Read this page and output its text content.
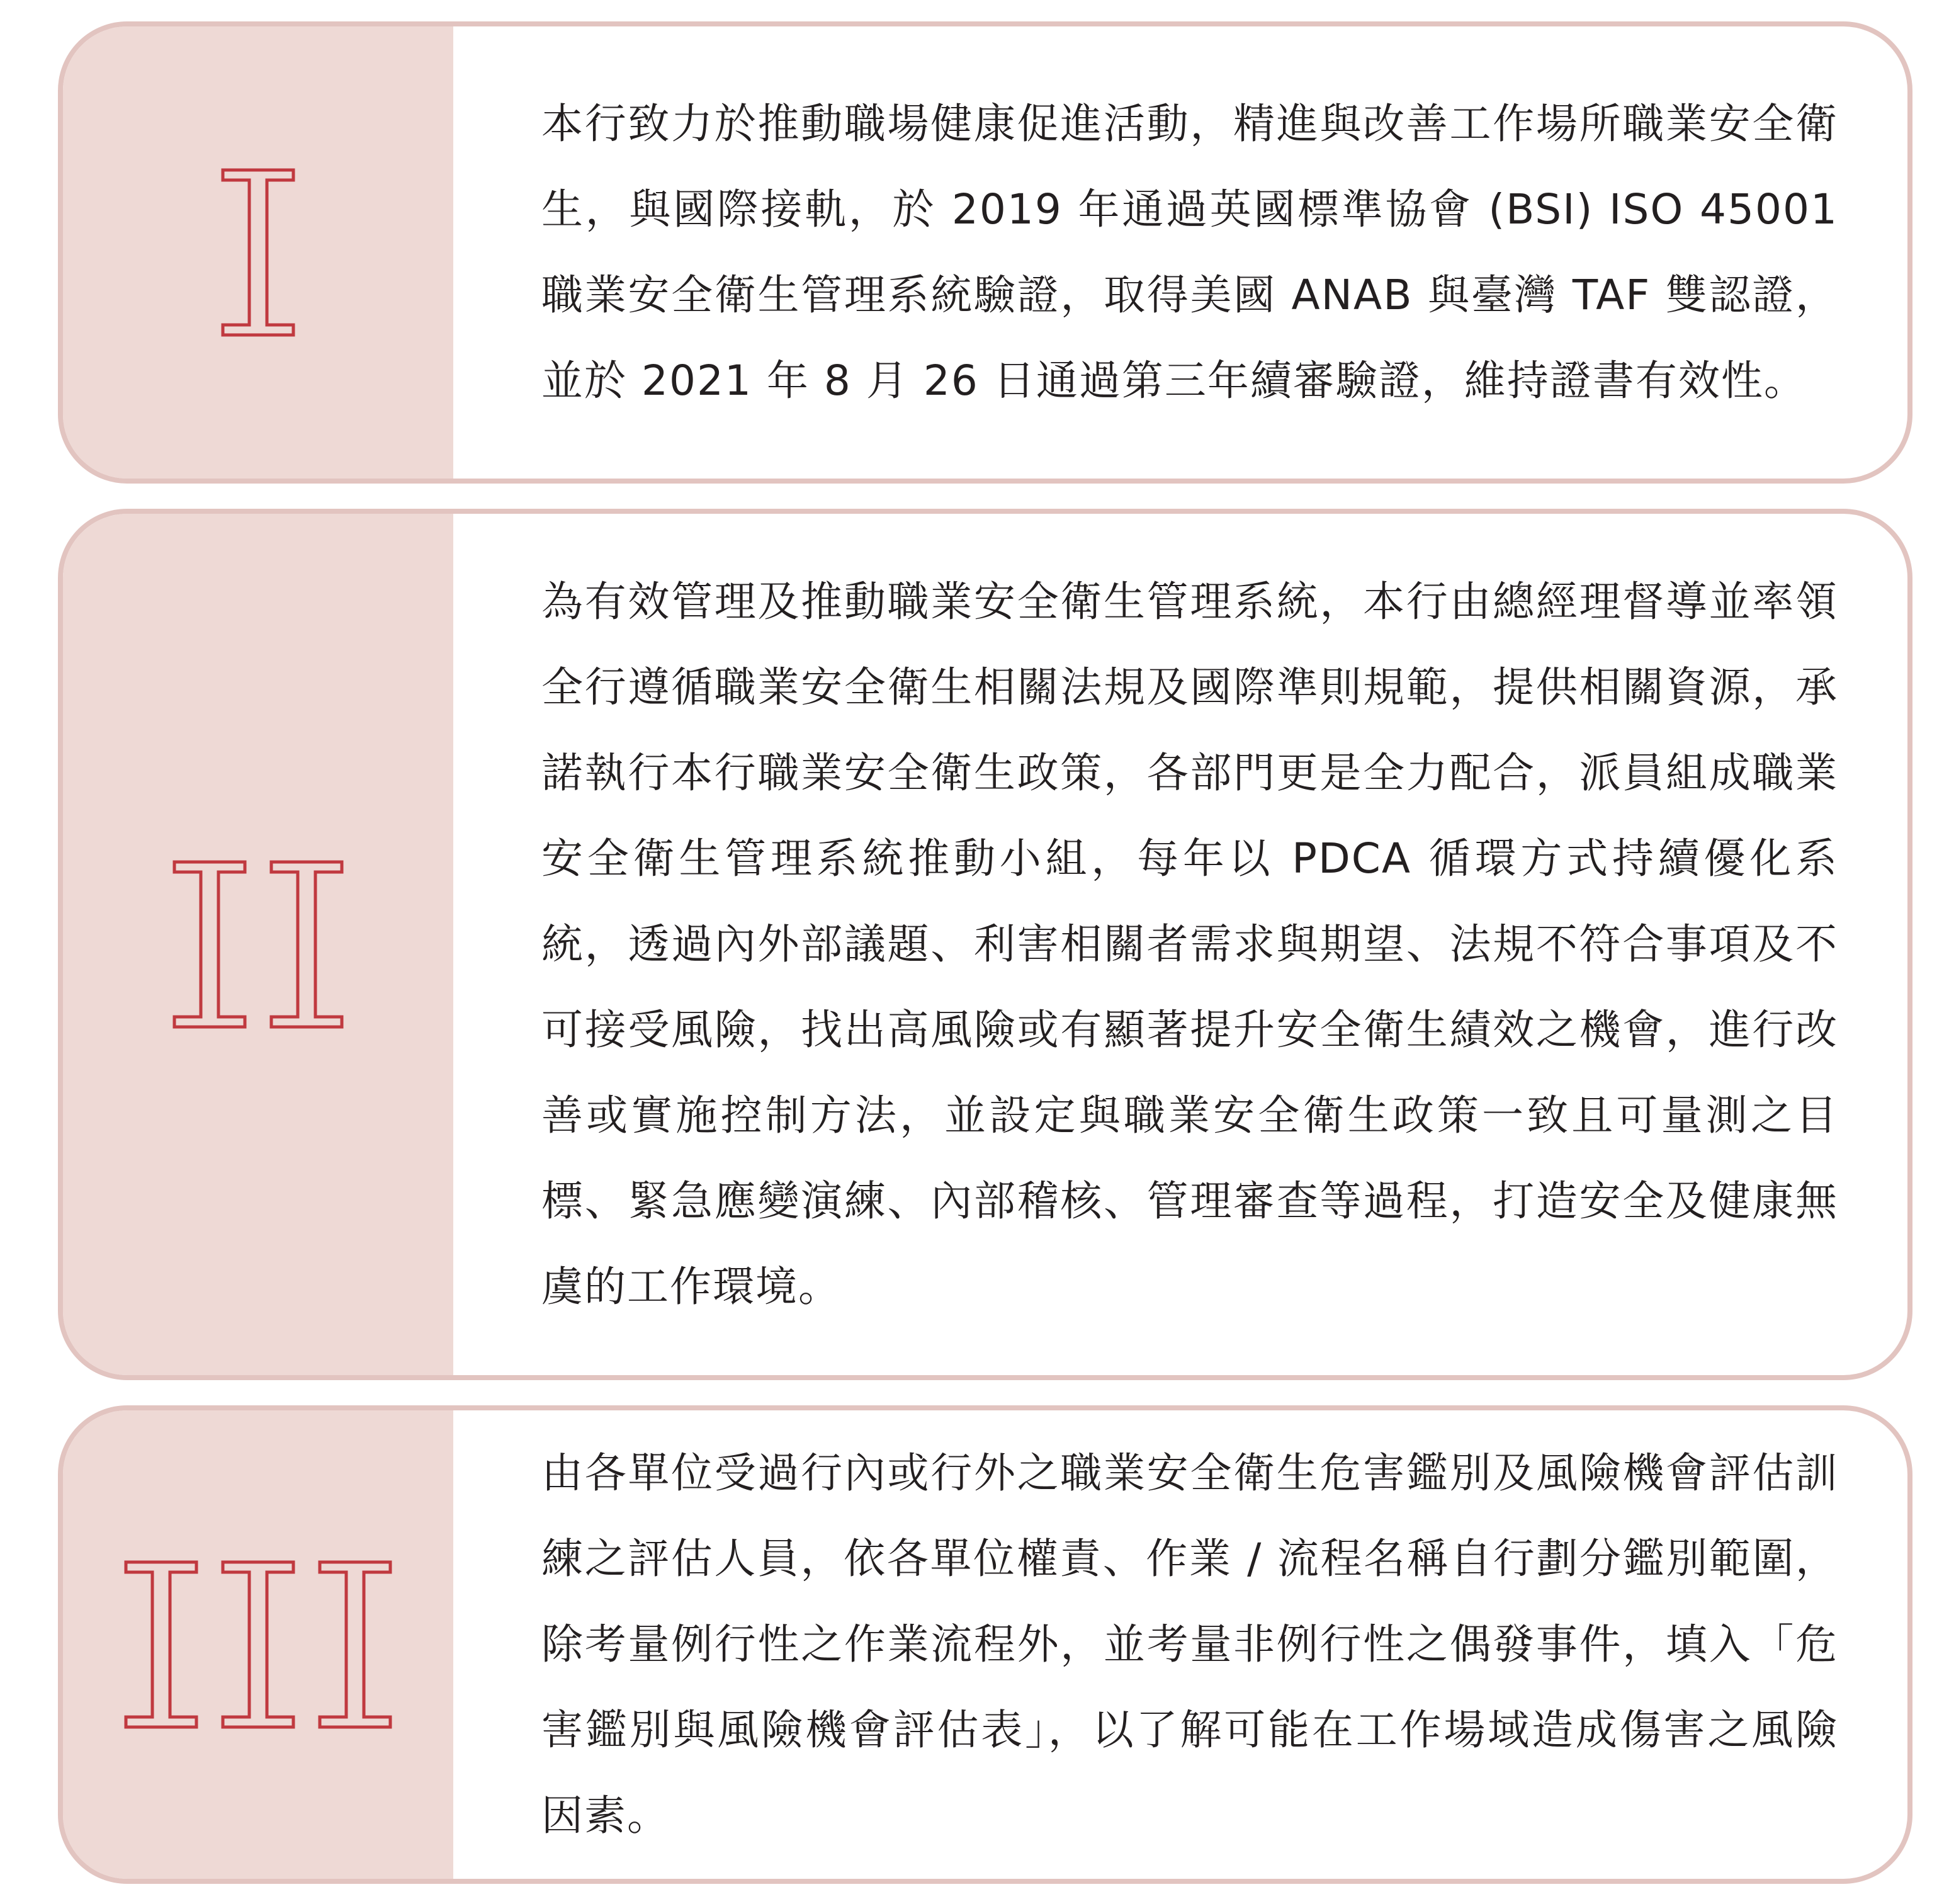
本行致力於推動職場健康促進活動，精進與改善工作場所職業安全衛生，與國際接軌，於 2019 年通過英國標準協會 (BSI) ISO 45001 職業安全衛生管理系統驗證，取得美國 ANAB 與臺灣 TAF 雙認證，並於 2021 年 8 月 26 日通過第三年續審驗證，維持證書有效性。

為有效管理及推動職業安全衛生管理系統，本行由總經理督導並率領全行遵循職業安全衛生相關法規及國際準則規範，提供相關資源，承諾執行本行職業安全衛生政策，各部門更是全力配合，派員組成職業安全衛生管理系統推動小組，每年以 PDCA 循環方式持續優化系統，透過內外部議題、利害相關者需求與期望、法規不符合事項及不可接受風險，找出高風險或有顯著提升安全衛生績效之機會，進行改善或實施控制方法，並設定與職業安全衛生政策一致且可量測之目標、緊急應變演練、內部稽核、管理審查等過程，打造安全及健康無虞的工作環境。

由各單位受過行內或行外之職業安全衛生危害鑑別及風險機會評估訓練之評估人員，依各單位權責、作業 / 流程名稱自行劃分鑑別範圍，除考量例行性之作業流程外，並考量非例行性之偶發事件，填入「危害鑑別與風險機會評估表」，以了解可能在工作場域造成傷害之風險因素。
